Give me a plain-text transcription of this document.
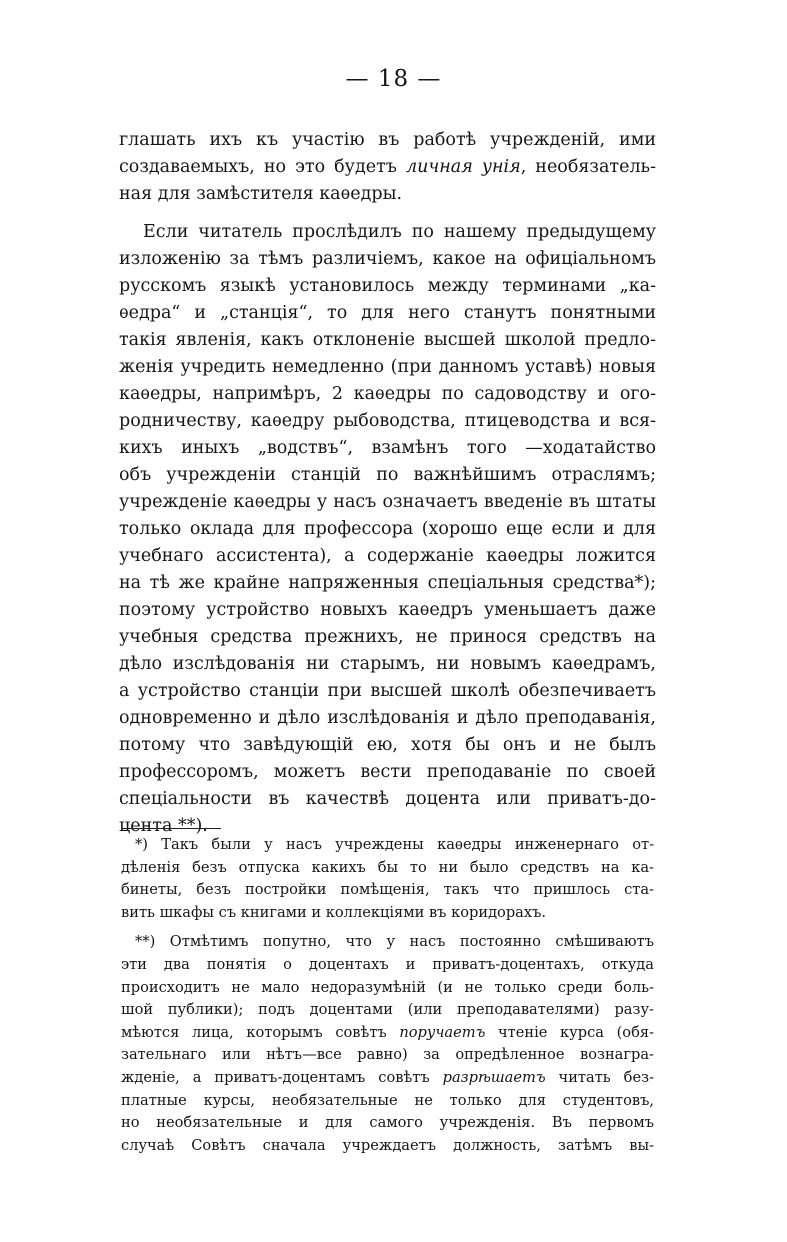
— 18 —

глашать ихъ къ участію въ работѣ учрежденій, ими
создаваемыхъ, но это будетъ личная унія, необязатель-
ная для замѣстителя каѳедры.

Если читатель прослѣдилъ по нашему предыдущему
изложенію за тѣмъ различіемъ, какое на офиціальномъ
русскомъ языкѣ установилось между терминами „ка-
ѳедра“ и „станція“, то для него станутъ понятными
такія явленія, какъ отклоненіе высшей школой предло-
женія учредить немедленно (при данномъ уставѣ) новыя
каѳедры, напримѣръ, 2 каѳедры по садоводству и ого-
родничеству, каѳедру рыбоводства, птицеводства и вся-
кихъ иныхъ „водствъ“, взамѣнъ того —ходатайство
объ учрежденіи станцій по важнѣйшимъ отраслямъ;
учрежденіе каѳедры у насъ означаетъ введеніе въ штаты
только оклада для профессора (хорошо еще если и для
учебнаго ассистента), а содержаніе каѳедры ложится
на тѣ же крайне напряженныя спеціальныя средства*);
поэтому устройство новыхъ каѳедръ уменьшаетъ даже
учебныя средства прежнихъ, не принося средствъ на
дѣло изслѣдованія ни старымъ, ни новымъ каѳедрамъ,
а устройство станціи при высшей школѣ обезпечиваетъ
одновременно и дѣло изслѣдованія и дѣло преподаванія,
потому что завѣдующій ею, хотя бы онъ и не былъ
профессоромъ, можетъ вести преподаваніе по своей
спеціальности въ качествѣ доцента или приватъ-до-
цента **).

*) Такъ были у насъ учреждены каѳедры инженернаго от-
дѣленія безъ отпуска какихъ бы то ни было средствъ на ка-
бинеты, безъ постройки помѣщенія, такъ что пришлось ста-
вить шкафы съ книгами и коллекціями въ коридорахъ.

**) Отмѣтимъ попутно, что у насъ постоянно смѣшиваютъ
эти два понятія о доцентахъ и приватъ-доцентахъ, откуда
происходитъ не мало недоразумѣній (и не только среди боль-
шой публики); подъ доцентами (или преподавателями) разу-
мѣются лица, которымъ совѣтъ поручаетъ чтеніе курса (обя-
зательнаго или нѣтъ—все равно) за опредѣленное вознагра-
жденіе, а приватъ-доцентамъ совѣтъ разрѣшаетъ читать без-
платные курсы, необязательные не только для студентовъ,
но необязательные и для самого учрежденія. Въ первомъ
случаѣ Совѣтъ сначала учреждаетъ должность, затѣмъ вы-
